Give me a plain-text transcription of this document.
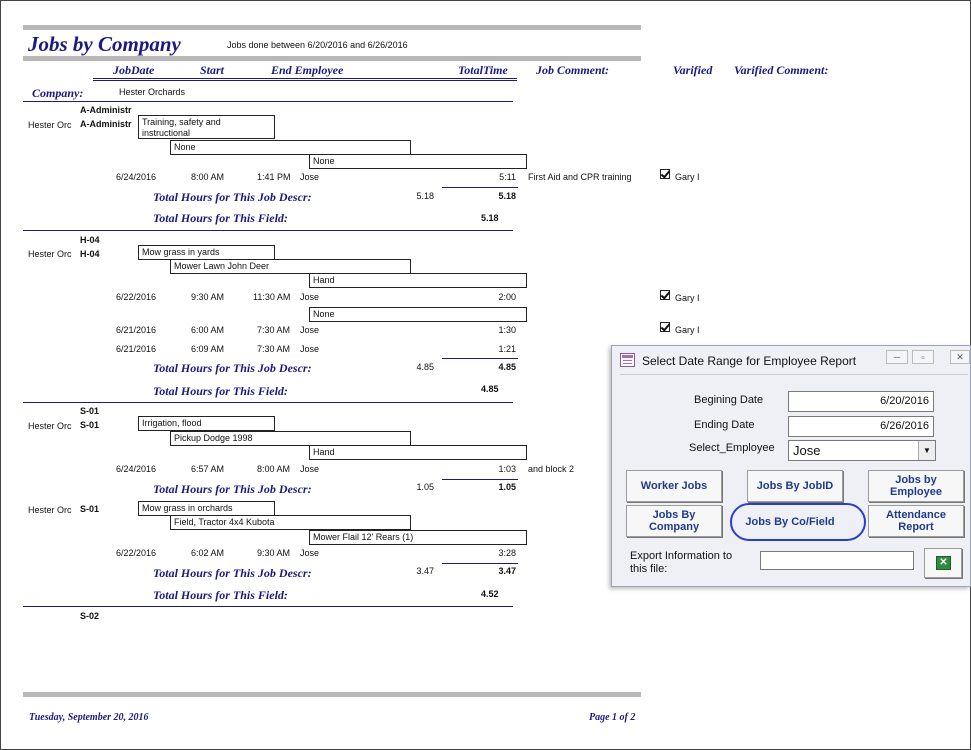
Jobs by Company	Jobs done between 6/20/2016 and 6/26/2016
JobDate	Start	End Employee	TotalTime Job Comment:	Varified Varified Comment:
Company:	Hester Orchards
A-Administr
Hester Orc A-Administr	Training, safety and instructional
None
None
6/24/2016	8:00 AM	1:41 PM Jose	5:11 First Aid and CPR training	Gary I
Total Hours for This Job Descr:	5.18	5.18
Total Hours for This Field:	5.18
H-04
Hester Orc H-04	Mow grass in yards
Mower Lawn John Deer
Hand
6/22/2016	9:30 AM	11:30 AM Jose	2:00	Gary I
None
6/21/2016	6:00 AM	7:30 AM Jose	1:30	Gary I
6/21/2016	6:09 AM	7:30 AM Jose	1:21
Total Hours for This Job Descr:	4.85	4.85
Total Hours for This Field:	4.85
S-01
Hester Orc S-01	Irrigation, flood
Pickup Dodge 1998
Hand
6/24/2016	6:57 AM	8:00 AM Jose	1:03 and block 2
Total Hours for This Job Descr:	1.05	1.05
Hester Orc S-01	Mow grass in orchards
Field, Tractor 4x4 Kubota
Mower Flail 12' Rears (1)
6/22/2016	6:02 AM	9:30 AM Jose	3:28
Total Hours for This Job Descr:	3.47	3.47
Total Hours for This Field:	4.52
S-02
Tuesday, September 20, 2016	Page 1 of 2
Select Date Range for Employee Report	─	▫	✕
Begining Date	6/20/2016
Ending Date	6/26/2016
Select_Employee	Jose	▼
Worker Jobs	Jobs By JobID	Jobs by Employee
Jobs By Company	Jobs By Co/Field
Attendance Report
Export Information to this file:
✕
